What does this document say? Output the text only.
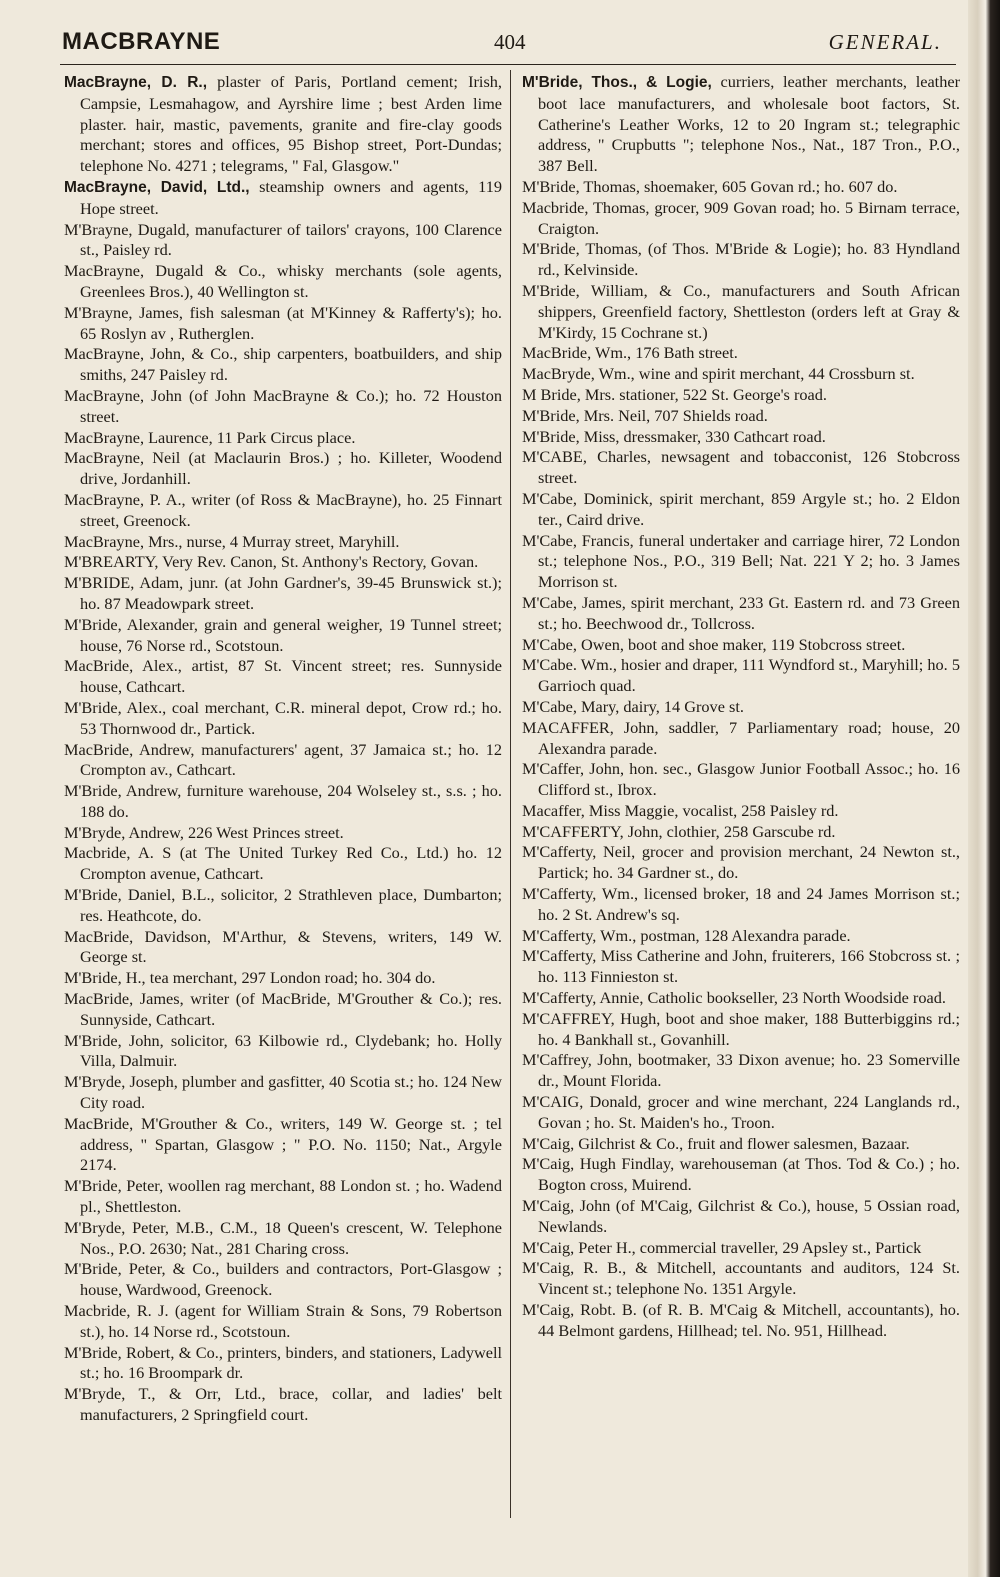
MACBRAYNE	404	GENERAL.

MacBrayne, D. R., plaster of Paris, Portland cement; Irish, Campsie, Lesmahagow, and Ayrshire lime ; best Arden lime plaster. hair, mastic, pavements, granite and fire-clay goods merchant; stores and offices, 95 Bishop street, Port-Dundas; telephone No. 4271 ; telegrams, " Fal, Glasgow."

MacBrayne, David, Ltd., steamship owners and agents, 119 Hope street.

M'Brayne, Dugald, manufacturer of tailors' crayons, 100 Clarence st., Paisley rd.

MacBrayne, Dugald & Co., whisky merchants (sole agents, Greenlees Bros.), 40 Wellington st.

M'Brayne, James, fish salesman (at M'Kinney & Rafferty's); ho. 65 Roslyn av , Rutherglen.

MacBrayne, John, & Co., ship carpenters, boatbuilders, and ship smiths, 247 Paisley rd.

MacBrayne, John (of John MacBrayne & Co.); ho. 72 Houston street.

MacBrayne, Laurence, 11 Park Circus place.

MacBrayne, Neil (at Maclaurin Bros.) ; ho. Killeter, Woodend drive, Jordanhill.

MacBrayne, P. A., writer (of Ross & MacBrayne), ho. 25 Finnart street, Greenock.

MacBrayne, Mrs., nurse, 4 Murray street, Maryhill.

M'BREARTY, Very Rev. Canon, St. Anthony's Rectory, Govan.

M'BRIDE, Adam, junr. (at John Gardner's, 39-45 Brunswick st.); ho. 87 Meadowpark street.

M'Bride, Alexander, grain and general weigher, 19 Tunnel street; house, 76 Norse rd., Scotstoun.

MacBride, Alex., artist, 87 St. Vincent street; res. Sunnyside house, Cathcart.

M'Bride, Alex., coal merchant, C.R. mineral depot, Crow rd.; ho. 53 Thornwood dr., Partick.

MacBride, Andrew, manufacturers' agent, 37 Jamaica st.; ho. 12 Crompton av., Cathcart.

M'Bride, Andrew, furniture warehouse, 204 Wolseley st., s.s. ; ho. 188 do.

M'Bryde, Andrew, 226 West Princes street.

Macbride, A. S (at The United Turkey Red Co., Ltd.) ho. 12 Crompton avenue, Cathcart.

M'Bride, Daniel, B.L., solicitor, 2 Strathleven place, Dumbarton; res. Heathcote, do.

MacBride, Davidson, M'Arthur, & Stevens, writers, 149 W. George st.

M'Bride, H., tea merchant, 297 London road; ho. 304 do.

MacBride, James, writer (of MacBride, M'Grouther & Co.); res. Sunnyside, Cathcart.

M'Bride, John, solicitor, 63 Kilbowie rd., Clydebank; ho. Holly Villa, Dalmuir.

M'Bryde, Joseph, plumber and gasfitter, 40 Scotia st.; ho. 124 New City road.

MacBride, M'Grouther & Co., writers, 149 W. George st. ; tel address, " Spartan, Glasgow ; " P.O. No. 1150; Nat., Argyle 2174.

M'Bride, Peter, woollen rag merchant, 88 London st. ; ho. Wadend pl., Shettleston.

M'Bryde, Peter, M.B., C.M., 18 Queen's crescent, W. Telephone Nos., P.O. 2630; Nat., 281 Charing cross.

M'Bride, Peter, & Co., builders and contractors, Port-Glasgow ; house, Wardwood, Greenock.

Macbride, R. J. (agent for William Strain & Sons, 79 Robertson st.), ho. 14 Norse rd., Scotstoun.

M'Bride, Robert, & Co., printers, binders, and stationers, Ladywell st.; ho. 16 Broompark dr.

M'Bryde, T., & Orr, Ltd., brace, collar, and ladies' belt manufacturers, 2 Springfield court.

M'Bride, Thos., & Logie, curriers, leather merchants, leather boot lace manufacturers, and wholesale boot factors, St. Catherine's Leather Works, 12 to 20 Ingram st.; telegraphic address, " Crupbutts "; telephone Nos., Nat., 187 Tron., P.O., 387 Bell.

M'Bride, Thomas, shoemaker, 605 Govan rd.; ho. 607 do.

Macbride, Thomas, grocer, 909 Govan road; ho. 5 Birnam terrace, Craigton.

M'Bride, Thomas, (of Thos. M'Bride & Logie); ho. 83 Hyndland rd., Kelvinside.

M'Bride, William, & Co., manufacturers and South African shippers, Greenfield factory, Shettleston (orders left at Gray & M'Kirdy, 15 Cochrane st.)

MacBride, Wm., 176 Bath street.

MacBryde, Wm., wine and spirit merchant, 44 Crossburn st.

M Bride, Mrs. stationer, 522 St. George's road.

M'Bride, Mrs. Neil, 707 Shields road.

M'Bride, Miss, dressmaker, 330 Cathcart road.

M'CABE, Charles, newsagent and tobacconist, 126 Stobcross street.

M'Cabe, Dominick, spirit merchant, 859 Argyle st.; ho. 2 Eldon ter., Caird drive.

M'Cabe, Francis, funeral undertaker and carriage hirer, 72 London st.; telephone Nos., P.O., 319 Bell; Nat. 221 Y 2; ho. 3 James Morrison st.

M'Cabe, James, spirit merchant, 233 Gt. Eastern rd. and 73 Green st.; ho. Beechwood dr., Tollcross.

M'Cabe, Owen, boot and shoe maker, 119 Stobcross street.

M'Cabe. Wm., hosier and draper, 111 Wyndford st., Maryhill; ho. 5 Garrioch quad.

M'Cabe, Mary, dairy, 14 Grove st.

MACAFFER, John, saddler, 7 Parliamentary road; house, 20 Alexandra parade.

M'Caffer, John, hon. sec., Glasgow Junior Football Assoc.; ho. 16 Clifford st., Ibrox.

Macaffer, Miss Maggie, vocalist, 258 Paisley rd.

M'CAFFERTY, John, clothier, 258 Garscube rd.

M'Cafferty, Neil, grocer and provision merchant, 24 Newton st., Partick; ho. 34 Gardner st., do.

M'Cafferty, Wm., licensed broker, 18 and 24 James Morrison st.; ho. 2 St. Andrew's sq.

M'Cafferty, Wm., postman, 128 Alexandra parade.

M'Cafferty, Miss Catherine and John, fruiterers, 166 Stobcross st. ; ho. 113 Finnieston st.

M'Cafferty, Annie, Catholic bookseller, 23 North Woodside road.

M'CAFFREY, Hugh, boot and shoe maker, 188 Butterbiggins rd.; ho. 4 Bankhall st., Govanhill.

M'Caffrey, John, bootmaker, 33 Dixon avenue; ho. 23 Somerville dr., Mount Florida.

M'CAIG, Donald, grocer and wine merchant, 224 Langlands rd., Govan ; ho. St. Maiden's ho., Troon.

M'Caig, Gilchrist & Co., fruit and flower salesmen, Bazaar.

M'Caig, Hugh Findlay, warehouseman (at Thos. Tod & Co.) ; ho. Bogton cross, Muirend.

M'Caig, John (of M'Caig, Gilchrist & Co.), house, 5 Ossian road, Newlands.

M'Caig, Peter H., commercial traveller, 29 Apsley st., Partick

M'Caig, R. B., & Mitchell, accountants and auditors, 124 St. Vincent st.; telephone No. 1351 Argyle.

M'Caig, Robt. B. (of R. B. M'Caig & Mitchell, accountants), ho. 44 Belmont gardens, Hillhead; tel. No. 951, Hillhead.
